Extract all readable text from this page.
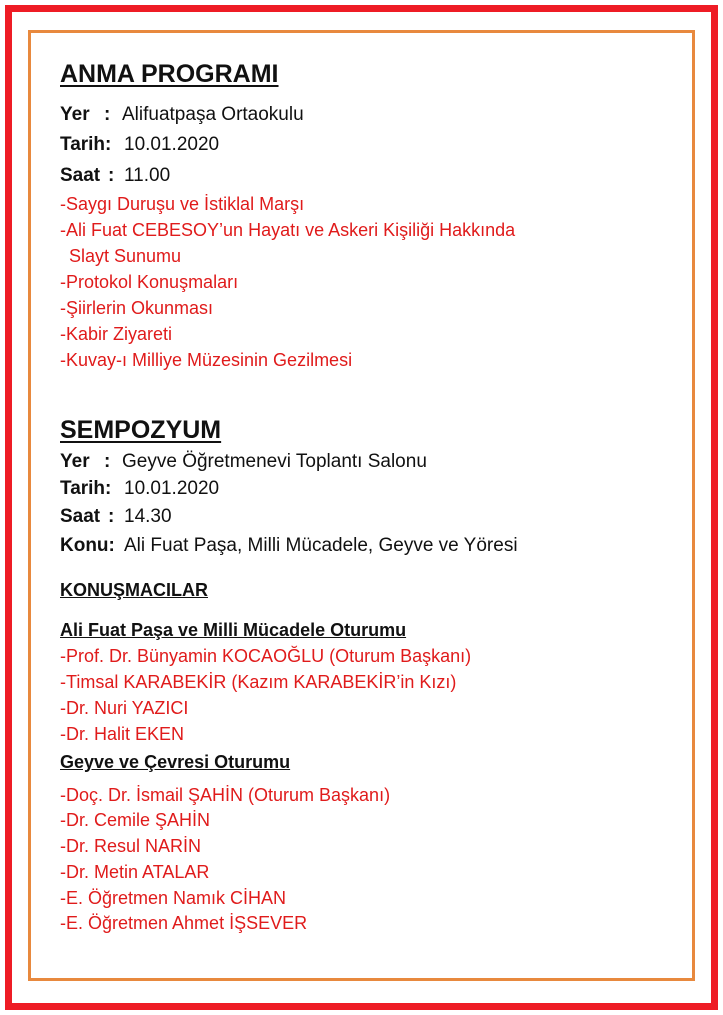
ANMA PROGRAMI
Yer : Alifuatpaşa Ortaokulu
Tarih: 10.01.2020
Saat : 11.00
-Saygı Duruşu ve İstiklal Marşı
-Ali Fuat CEBESOY’un Hayatı ve Askeri Kişiliği Hakkında
Slayt Sunumu
-Protokol Konuşmaları
-Şiirlerin Okunması
-Kabir Ziyareti
-Kuvay-ı Milliye Müzesinin Gezilmesi
SEMPOZYUM
Yer : Geyve Öğretmenevi Toplantı Salonu
Tarih: 10.01.2020
Saat : 14.30
Konu: Ali Fuat Paşa, Milli Mücadele, Geyve ve Yöresi
KONUŞMACILAR
Ali Fuat Paşa ve Milli Mücadele Oturumu
-Prof. Dr. Bünyamin KOCAOĞLU (Oturum Başkanı)
-Timsal KARABEKİR (Kazım KARABEKİR’in Kızı)
-Dr. Nuri YAZICI
-Dr. Halit EKEN
Geyve ve Çevresi Oturumu
-Doç. Dr. İsmail ŞAHİN (Oturum Başkanı)
-Dr. Cemile ŞAHİN
-Dr. Resul NARİN
-Dr. Metin ATALAR
-E. Öğretmen Namık CİHAN
-E. Öğretmen Ahmet İŞSEVER
